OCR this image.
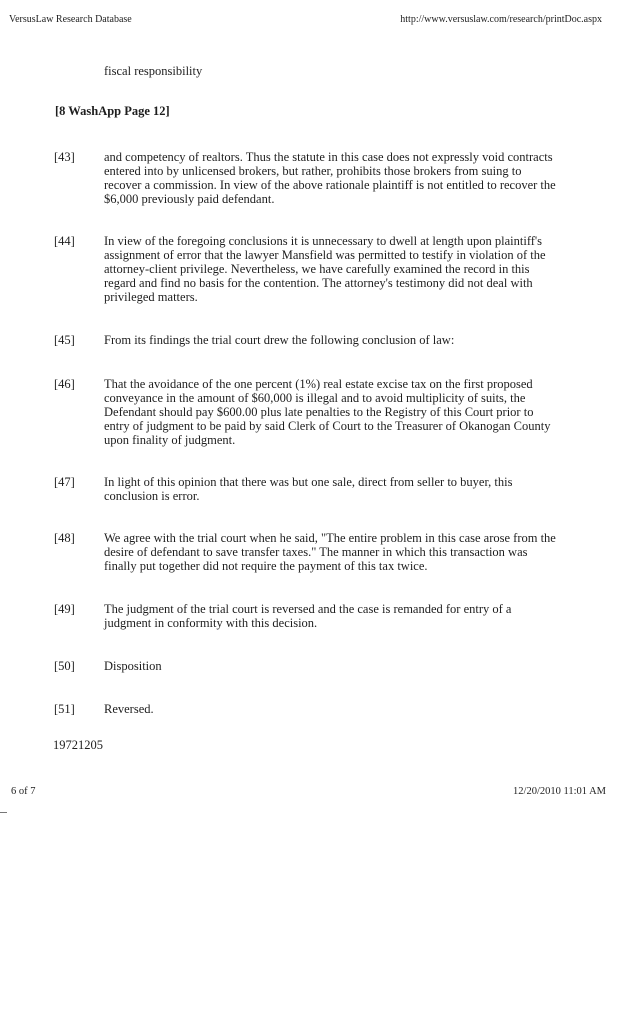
VersusLaw Research Database	http://www.versuslaw.com/research/printDoc.aspx
fiscal responsibility
[8 WashApp Page 12]
[43] and competency of realtors. Thus the statute in this case does not expressly void contracts entered into by unlicensed brokers, but rather, prohibits those brokers from suing to recover a commission. In view of the above rationale plaintiff is not entitled to recover the $6,000 previously paid defendant.
[44] In view of the foregoing conclusions it is unnecessary to dwell at length upon plaintiff's assignment of error that the lawyer Mansfield was permitted to testify in violation of the attorney-client privilege. Nevertheless, we have carefully examined the record in this regard and find no basis for the contention. The attorney's testimony did not deal with privileged matters.
[45] From its findings the trial court drew the following conclusion of law:
[46] That the avoidance of the one percent (1%) real estate excise tax on the first proposed conveyance in the amount of $60,000 is illegal and to avoid multiplicity of suits, the Defendant should pay $600.00 plus late penalties to the Registry of this Court prior to entry of judgment to be paid by said Clerk of Court to the Treasurer of Okanogan County upon finality of judgment.
[47] In light of this opinion that there was but one sale, direct from seller to buyer, this conclusion is error.
[48] We agree with the trial court when he said, "The entire problem in this case arose from the desire of defendant to save transfer taxes." The manner in which this transaction was finally put together did not require the payment of this tax twice.
[49] The judgment of the trial court is reversed and the case is remanded for entry of a judgment in conformity with this decision.
[50] Disposition
[51] Reversed.
19721205
6 of 7	12/20/2010 11:01 AM
